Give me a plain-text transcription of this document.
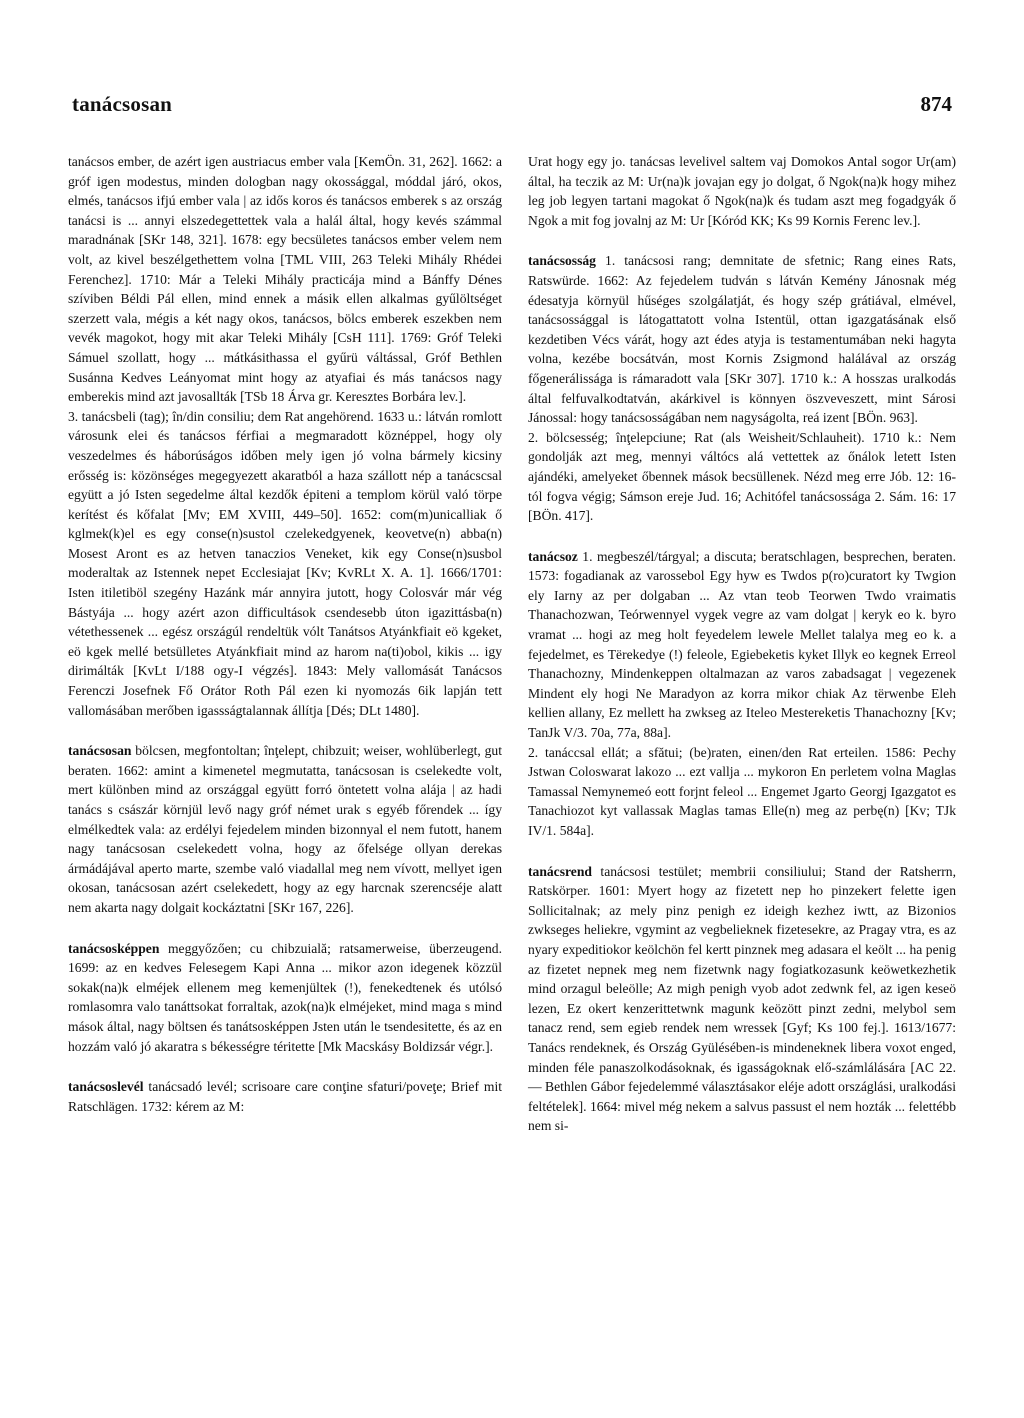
tanácsosan	874

tanácsos ember, de azért igen austriacus ember vala [KemÖn. 31, 262]. 1662: a gróf igen modestus, minden dologban nagy okossággal, móddal járó, okos, elmés, tanácsos ifjú ember vala | az idős koros és tanácsos emberek s az ország tanácsi is ... annyi elszedegettettek vala a halál által, hogy kevés számmal maradnának [SKr 148, 321]. 1678: egy becsületes tanácsos ember velem nem volt, az kivel beszélgethettem volna [TML VIII, 263 Teleki Mihály Rhédei Ferenchez]. 1710: Már a Teleki Mihály practicája mind a Bánffy Dénes szíviben Béldi Pál ellen, mind ennek a másik ellen alkalmas gyűlöltséget szerzett vala, mégis a két nagy okos, tanácsos, bölcs emberek eszekben nem vevék magokot, hogy mit akar Teleki Mihály [CsH 111]. 1769: Gróf Teleki Sámuel szollatt, hogy ... mátkásithassa el gyűrü váltással, Gróf Bethlen Susánna Kedves Leányomat mint hogy az atyafiai és más tanácsos nagy emberekis mind azt javosallták [TSb 18 Árva gr. Keresztes Borbára lev.].

3. tanácsbeli (tag); în/din consiliu; dem Rat angehörend. 1633 u.: látván romlott városunk elei és tanácsos férfiai a megmaradott köznéppel, hogy oly veszedelmes és háborúságos időben mely igen jó volna bármely kicsiny erősség is: közönséges megegyezett akaratból a haza szállott nép a tanácscsal együtt a jó Isten segedelme által kezdők épiteni a templom körül való törpe kerítést és kőfalat [Mv; EM XVIII, 449–50]. 1652: com(m)unicalliak ő kglmek(k)el es egy conse(n)sustol czelekedgyenek, keovetve(n) abba(n) Mosest Aront es az hetven tanaczios Veneket, kik egy Conse(n)susbol moderaltak az Istennek nepet Ecclesiajat [Kv; KvRLt X. A. 1]. 1666/1701: Isten itiletiböl szegény Hazánk már annyira jutott, hogy Colosvár már vég Bástyája ... hogy azért azon difficultások csendesebb úton igazittásba(n) vétethessenek ... egész országúl rendeltük vólt Tanátsos Atyánkfiait eö kgeket, eö kgek mellé betsülletes Atyánkfiait mind az harom na(ti)obol, kikis ... igy dirimálták [KvLt I/188 ogy-I végzés]. 1843: Mely vallomását Tanácsos Ferenczi Josefnek Fő Orátor Roth Pál ezen ki nyomozás 6ik lapján tett vallomásában merőben igassságtalannak állítja [Dés; DLt 1480].

tanácsosan bölcsen, megfontoltan; înţelept, chibzuit; weiser, wohlüberlegt, gut beraten. 1662: amint a kimenetel megmutatta, tanácsosan is cselekedte volt, mert különben mind az országgal együtt forró öntetett volna alája | az hadi tanács s császár körnjül levő nagy gróf német urak s egyéb főrendek ... így elmélkedtek vala: az erdélyi fejedelem minden bizonnyal el nem futott, hanem nagy tanácsosan cselekedett volna, hogy az őfelsége ollyan derekas ármádájával aperto marte, szembe való viadallal meg nem vívott, mellyet igen okosan, tanácsosan azért cselekedett, hogy az egy harcnak szerencséje alatt nem akarta nagy dolgait kockáztatni [SKr 167, 226].

tanácsosképpen meggyőzően; cu chibzuială; ratsamerweise, überzeugend. 1699: az en kedves Felesegem Kapi Anna ... mikor azon idegenek közzül sokak(na)k elméjek ellenem meg kemenjültek (!), fenekedtenek és utólsó romlasomra valo tanáttsokat forraltak, azok(na)k elméjeket, mind maga s mind mások által, nagy böltsen és tanátsosképpen Jsten után le tsendesitette, és az en hozzám való jó akaratra s békességre téritette [Mk Macskásy Boldizsár végr.].

tanácsoslevél tanácsadó levél; scrisoare care conţine sfaturi/poveţe; Brief mit Ratschlägen. 1732: kérem az M:

Urat hogy egy jo. tanácsas levelivel saltem vaj Domokos Antal sogor Ur(am) által, ha teczik az M: Ur(na)k jovajan egy jo dolgat, ő Ngok(na)k hogy mihez leg job legyen tartani magokat ő Ngok(na)k és tudam aszt meg fogadgyák ő Ngok a mit fog jovalnj az M: Ur [Kóród KK; Ks 99 Kornis Ferenc lev.].

tanácsosság 1. tanácsosi rang; demnitate de sfetnic; Rang eines Rats, Ratswürde. 1662: Az fejedelem tudván s látván Kemény Jánosnak még édesatyja környül hűséges szolgálatját, és hogy szép grátiával, elmével, tanácsossággal is látogattatott volna Istentül, ottan igazgatásának első kezdetiben Vécs várát, hogy azt édes atyja is testamentumában neki hagyta volna, kezébe bocsátván, most Kornis Zsigmond halálával az ország főgenerálissága is rámaradott vala [SKr 307]. 1710 k.: A hosszas uralkodás által felfuvalkodtatván, akárkivel is könnyen öszveveszett, mint Sárosi Jánossal: hogy tanácsosságában nem nagyságolta, reá izent [BÖn. 963].

2. bölcsesség; înţelepciune; Rat (als Weisheit/Schlauheit). 1710 k.: Nem gondolják azt meg, mennyi váltócs alá vettettek az őnálok letett Isten ajándéki, amelyeket őbennek mások becsüllenek. Nézd meg erre Jób. 12: 16-tól fogva végig; Sámson ereje Jud. 16; Achitófel tanácsossága 2. Sám. 16: 17 [BÖn. 417].

tanácsoz 1. megbeszél/tárgyal; a discuta; beratschlagen, besprechen, beraten. 1573: fogadianak az varossebol Egy hyw es Twdos p(ro)curatort ky Twgion ely Iarny az per dolgaban ... Az vtan teob Teorwen Twdo vraimatis Thanachozwan, Teórwennyel vygek vegre az vam dolgat | keryk eo k. byro vramat ... hogi az meg holt feyedelem lewele Mellet talalya meg eo k. a fejedelmet, es Tërekedye (!) feleole, Egiebeketis kyket Illyk eo kegnek Erreol Thanachozny, Mindenkeppen oltalmazan az varos zabadsagat | vegezenek Mindent ely hogi Ne Maradyon az korra mikor chiak Az tërwenbe Eleh kellien allany, Ez mellett ha zwkseg az Iteleo Mestereketis Thanachozny [Kv; TanJk V/3. 70a, 77a, 88a].

2. tanáccsal ellát; a sfătui; (be)raten, einen/den Rat erteilen. 1586: Pechy Jstwan Coloswarat lakozo ... ezt vallja ... mykoron En perletem volna Maglas Tamassal Nemynemeó eott forjnt feleol ... Engemet Jgarto Georgj Igazgatot es Tanachiozot kyt vallassak Maglas tamas Elle(n) meg az perbę(n) [Kv; TJk IV/1. 584a].

tanácsrend tanácsosi testület; membrii consiliului; Stand der Ratsherrn, Ratskörper. 1601: Myert hogy az fizetett nep ho pinzekert felette igen Sollicitalnak; az mely pinz penigh ez ideigh kezhez iwtt, az Bizonios zwkseges heliekre, vgymint az vegbelieknek fizetesekre, az Pragay vtra, es az nyary expeditiokor keölchön fel kertt pinznek meg adasara el keölt ... ha penig az fizetet nepnek meg nem fizetwnk nagy fogiatkozasunk keöwetkezhetik mind orzagul beleölle; Az migh penigh vyob adot zedwnk fel, az igen keseö lezen, Ez okert kenzerittetwnk magunk keözött pinzt zedni, melybol sem tanacz rend, sem egieb rendek nem wressek [Gyf; Ks 100 fej.]. 1613/1677: Tanács rendeknek, és Ország Gyülésében-is mindeneknek libera voxot enged, minden féle panaszolkodásoknak, és igasságoknak elő-számlálására [AC 22. — Bethlen Gábor fejedelemmé választásakor eléje adott országlási, uralkodási feltételek]. 1664: mivel még nekem a salvus passust el nem hozták ... felettébb nem si-
